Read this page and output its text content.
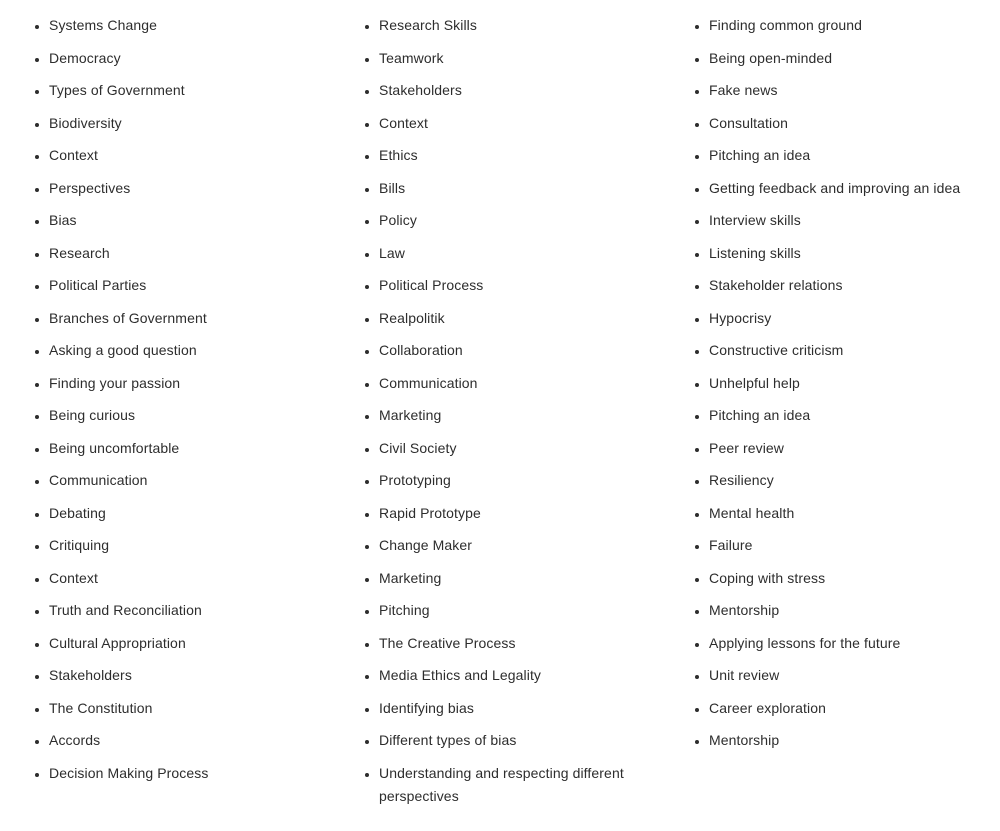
• Systems Change
• Democracy
• Types of Government
• Biodiversity
• Context
• Perspectives
• Bias
• Research
• Political Parties
• Branches of Government
• Asking a good question
• Finding your passion
• Being curious
• Being uncomfortable
• Communication
• Debating
• Critiquing
• Context
• Truth and Reconciliation
• Cultural Appropriation
• Stakeholders
• The Constitution
• Accords
• Decision Making Process
• Research Skills
• Teamwork
• Stakeholders
• Context
• Ethics
• Bills
• Policy
• Law
• Political Process
• Realpolitik
• Collaboration
• Communication
• Marketing
• Civil Society
• Prototyping
• Rapid Prototype
• Change Maker
• Marketing
• Pitching
• The Creative Process
• Media Ethics and Legality
• Identifying bias
• Different types of bias
• Understanding and respecting different perspectives
• Finding common ground
• Being open-minded
• Fake news
• Consultation
• Pitching an idea
• Getting feedback and improving an idea
• Interview skills
• Listening skills
• Stakeholder relations
• Hypocrisy
• Constructive criticism
• Unhelpful help
• Pitching an idea
• Peer review
• Resiliency
• Mental health
• Failure
• Coping with stress
• Mentorship
• Applying lessons for the future
• Unit review
• Career exploration
• Mentorship
